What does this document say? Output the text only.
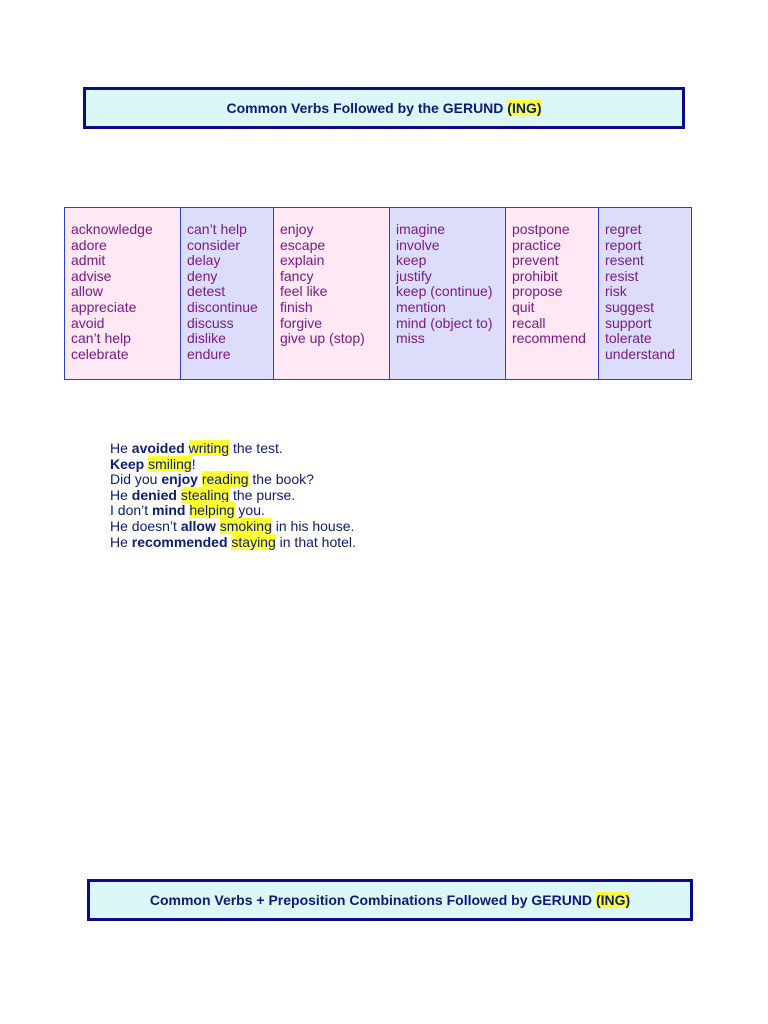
Common Verbs Followed by the GERUND
(ING)
acknowledge
adore
admit
advise
allow
appreciate
avoid
can’t help
celebrate
can’t help
consider
delay
deny
detest
discontinue
discuss
dislike
endure
enjoy
escape
explain
fancy
feel like
finish
forgive
give up (stop)
imagine
involve
keep
justify
keep (continue)
mention
mind (object to)
miss
postpone
practice
prevent
prohibit
propose
quit
recall
recommend
regret
report
resent
resist
risk
suggest
support
tolerate
understand
He avoided writing the test.
Keep smiling!
Did you enjoy reading the book?
He denied stealing the purse.
I don’t mind helping you.
He doesn’t allow smoking in his house.
He recommended staying in that hotel.
Common Verbs + Preposition Combinations Followed by GERUND
(ING)
